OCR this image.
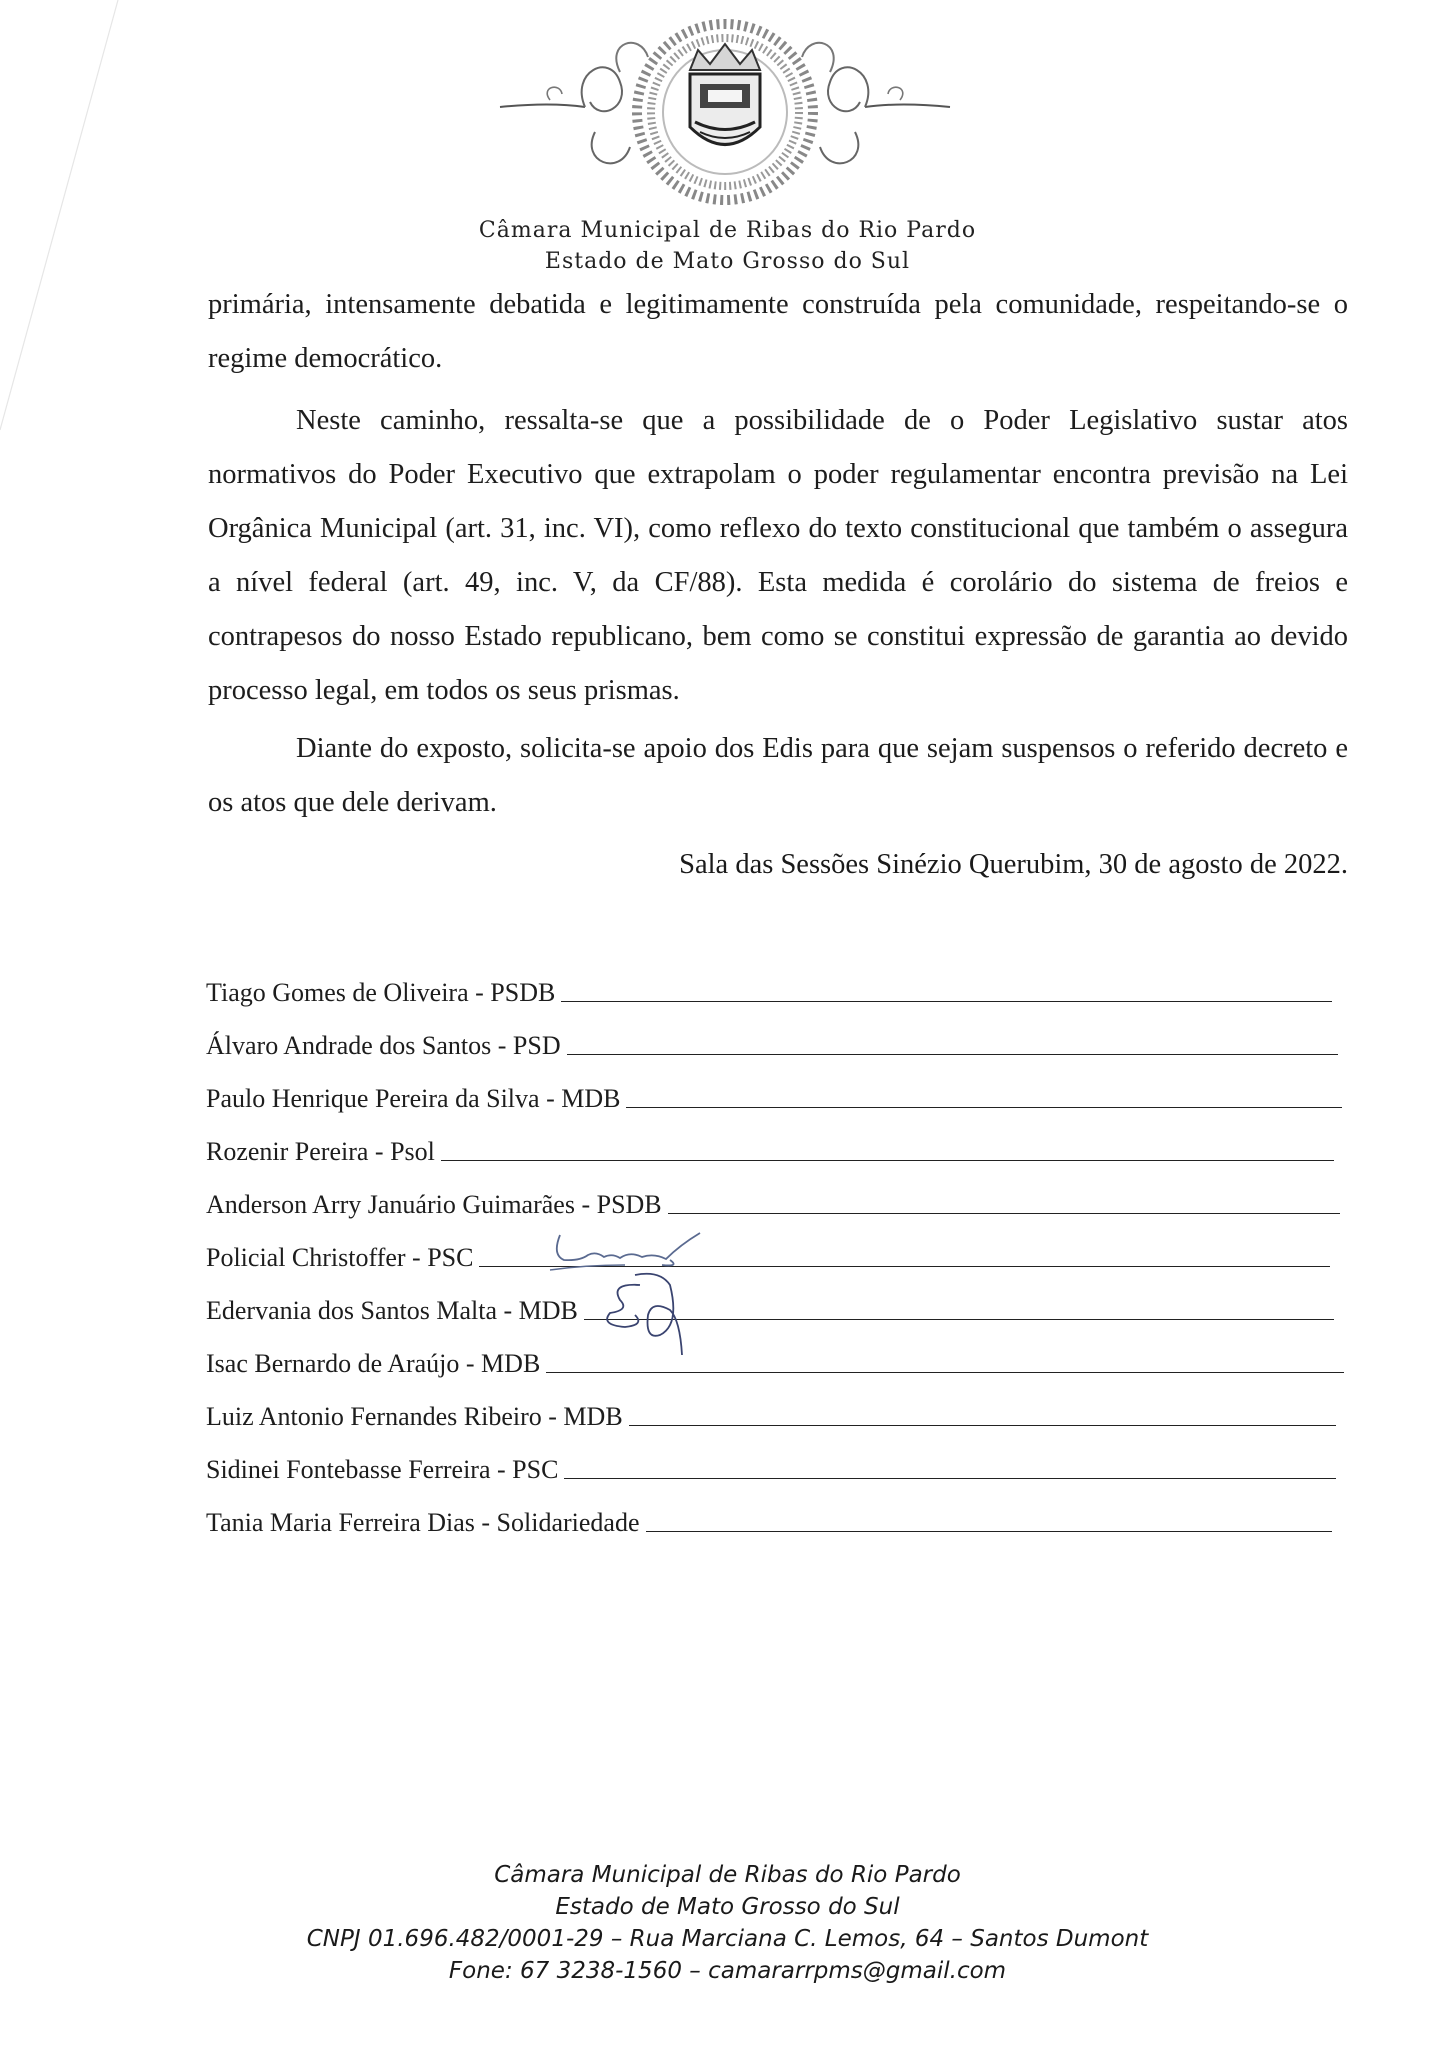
Câmara Municipal de Ribas do Rio Pardo
Estado de Mato Grosso do Sul

primária, intensamente debatida e legitimamente construída pela comunidade, respeitando-se o regime democrático.

Neste caminho, ressalta-se que a possibilidade de o Poder Legislativo sustar atos normativos do Poder Executivo que extrapolam o poder regulamentar encontra previsão na Lei Orgânica Municipal (art. 31, inc. VI), como reflexo do texto constitucional que também o assegura a nível federal (art. 49, inc. V, da CF/88). Esta medida é corolário do sistema de freios e contrapesos do nosso Estado republicano, bem como se constitui expressão de garantia ao devido processo legal, em todos os seus prismas.

Diante do exposto, solicita-se apoio dos Edis para que sejam suspensos o referido decreto e os atos que dele derivam.

Sala das Sessões Sinézio Querubim, 30 de agosto de 2022.
Tiago Gomes de Oliveira - PSDB
Álvaro Andrade dos Santos - PSD
Paulo Henrique Pereira da Silva - MDB
Rozenir Pereira - Psol
Anderson Arry Januário Guimarães - PSDB
Policial Christoffer - PSC
Edervania dos Santos Malta - MDB
Isac Bernardo de Araújo - MDB
Luiz Antonio Fernandes Ribeiro - MDB
Sidinei Fontebasse Ferreira - PSC
Tania Maria Ferreira Dias - Solidariedade
Câmara Municipal de Ribas do Rio Pardo
Estado de Mato Grosso do Sul
CNPJ 01.696.482/0001-29 – Rua Marciana C. Lemos, 64 – Santos Dumont
Fone: 67 3238-1560 – camararrpms@gmail.com
